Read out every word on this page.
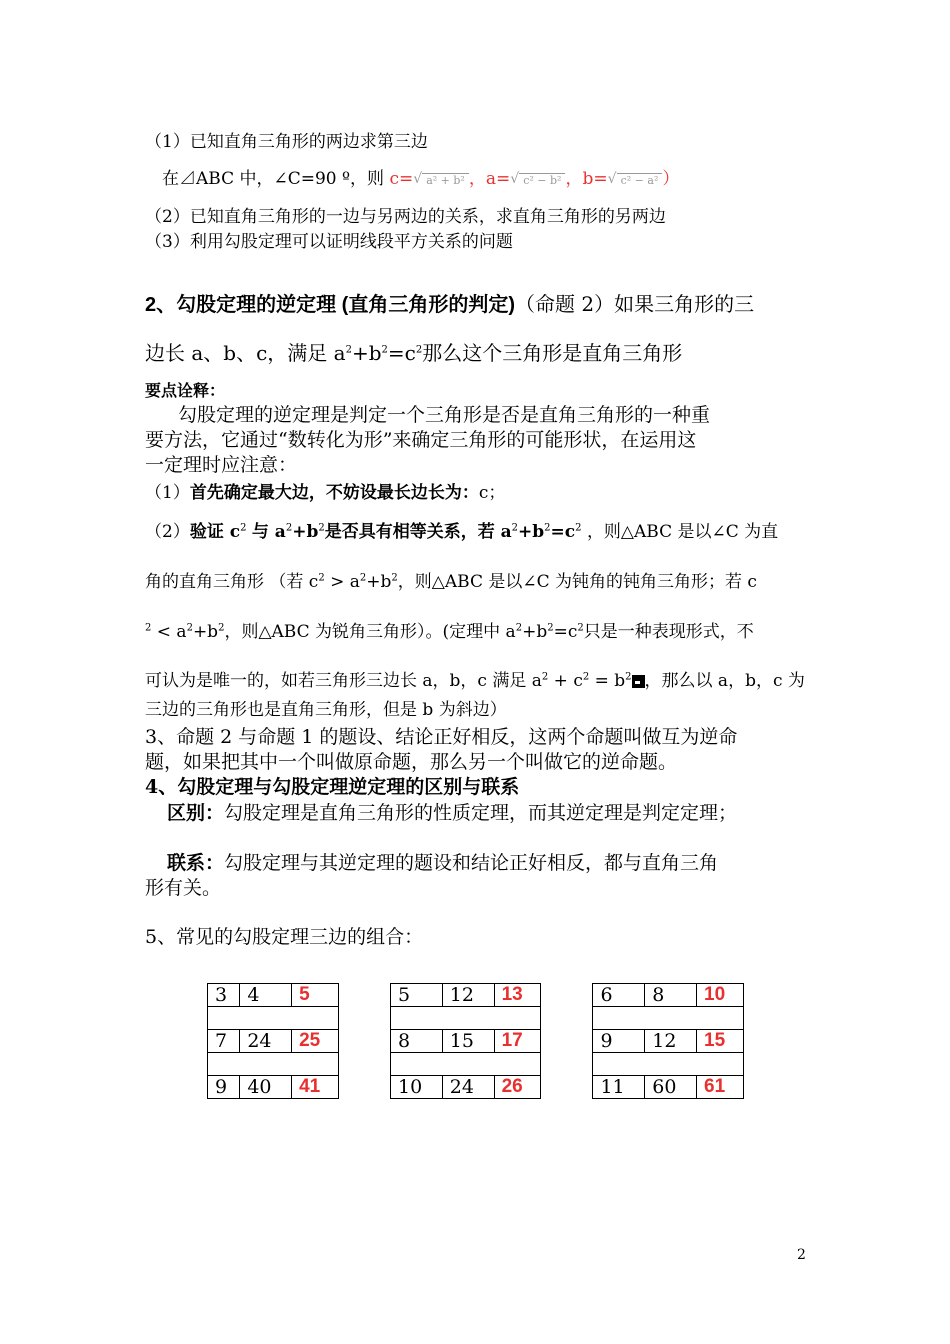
（1）已知直角三角形的两边求第三边
在⊿ABC 中，∠C=90 º，则 c= √ a² + b² ，a= √ c² − b² ，b= √ c² − a² ）
（2）已知直角三角形的一边与另两边的关系，求直角三角形的另两边
（3）利用勾股定理可以证明线段平方关系的问题
2、勾股定理的逆定理 (直角三角形的判定)（命题 2）如果三角形的三
边长 a、b、c，满足 $a^2+b^2=c^2$那么这个三角形是直角三角形
要点诠释：
勾股定理的逆定理是判定一个三角形是否是直角三角形的一种重
要方法，它通过“数转化为形”来确定三角形的可能形状，在运用这
一定理时应注意：
（1）首先确定最大边，不妨设最长边长为：c；
（2）验证 $c^2$ 与 $a^2+b^2$是否具有相等关系，若 $a^2+b^2=c^2$ ，则△ABC 是以∠C 为直
角的直角三角形 （若 $c^2 > a^2+b^2$，则△ABC 是以∠C 为钝角的钝角三角形；若 c
$^2 < a^2+b^2$，则△ABC 为锐角三角形）。(定理中 $a^2+b^2=c^2$只是一种表现形式，不
可认为是唯一的，如若三角形三边长 a，b，c 满足 $a^2 + c^2 = b^2$ ，那么以 a，b，c 为
三边的三角形也是直角三角形，但是 b 为斜边）
3、命题 2 与命题 1 的题设、结论正好相反，这两个命题叫做互为逆命
题，如果把其中一个叫做原命题，那么另一个叫做它的逆命题。
4、勾股定理与勾股定理逆定理的区别与联系
区别：勾股定理是直角三角形的性质定理，而其逆定理是判定定理；
联系：勾股定理与其逆定理的题设和结论正好相反，都与直角三角
形有关。
5、常见的勾股定理三边的组合：
3	4	5		5	12	13		6	8	10

7	24	25		8	15	17		9	12	15

9	40	41		10	24	26		11	60	61
2
